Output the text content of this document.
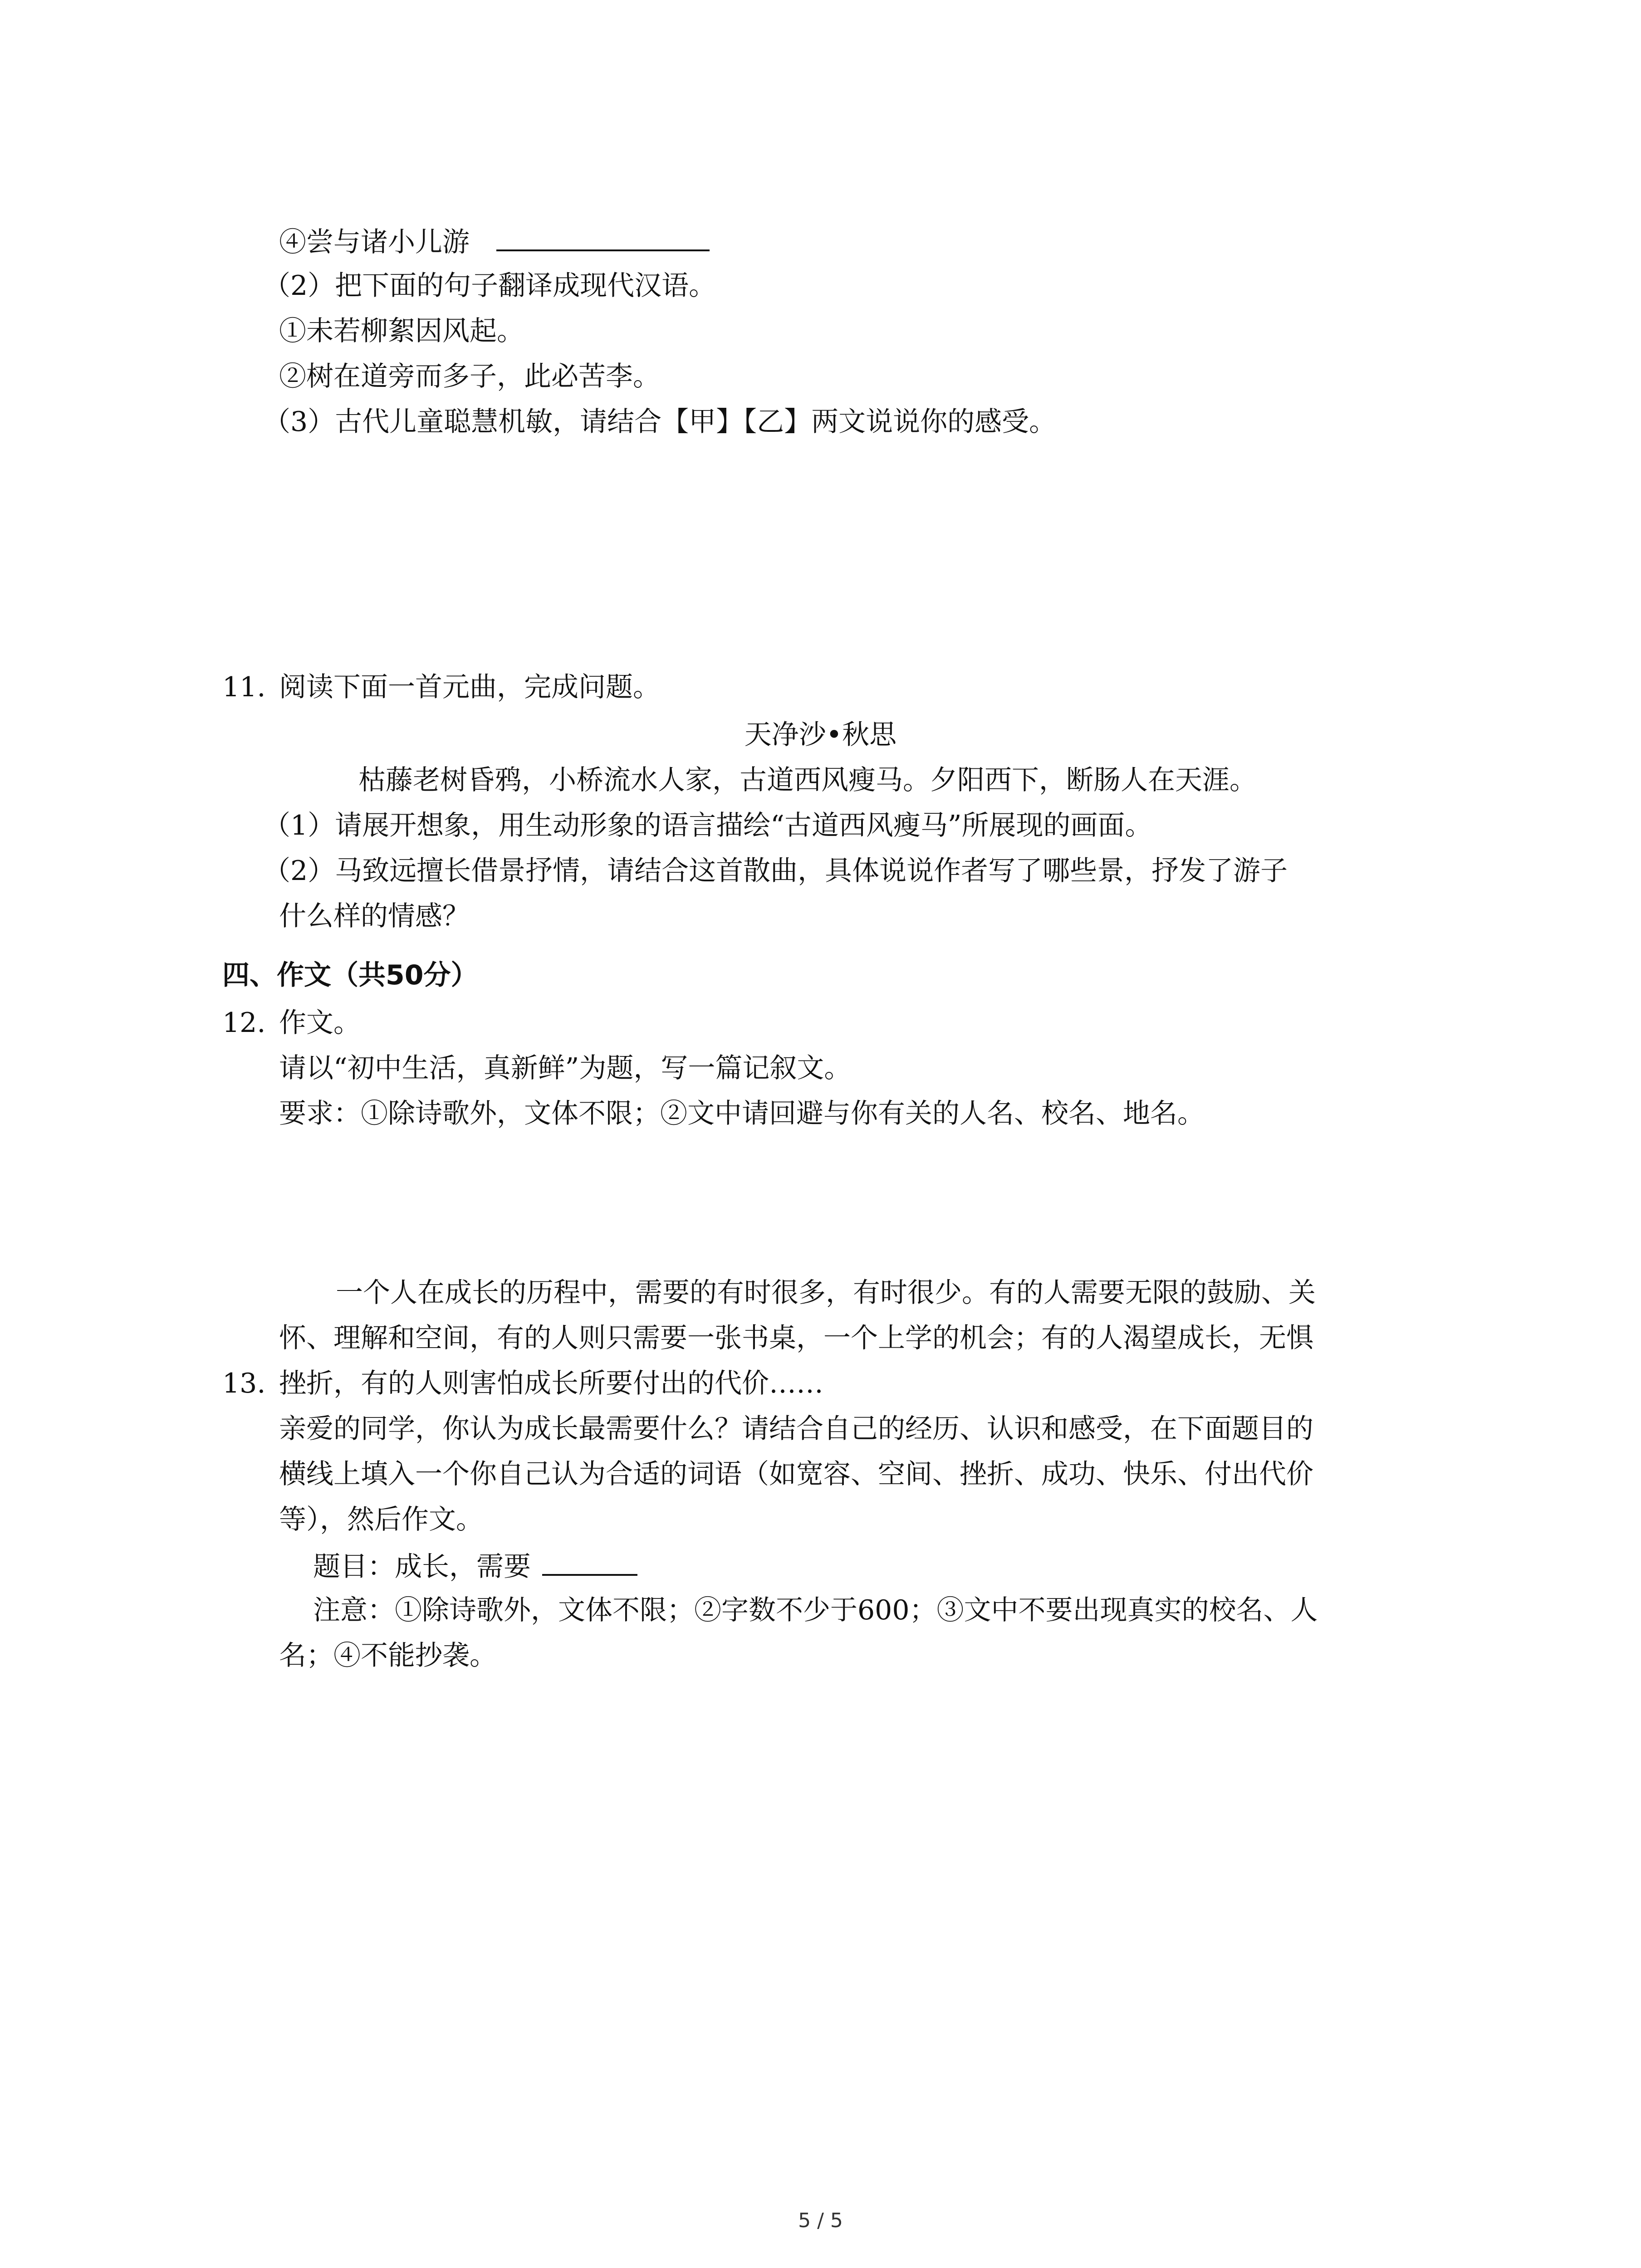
④尝与诸小儿游
（2）把下面的句子翻译成现代汉语。
①未若柳絮因风起。
②树在道旁而多子，此必苦李。
（3）古代儿童聪慧机敏，请结合【甲】【乙】两文说说你的感受。
11. 阅读下面一首元曲，完成问题。
天净沙•秋思
枯藤老树昏鸦，小桥流水人家，古道西风瘦马。夕阳西下，断肠人在天涯。
（1）请展开想象，用生动形象的语言描绘“古道西风瘦马”所展现的画面。
（2）马致远擅长借景抒情，请结合这首散曲，具体说说作者写了哪些景，抒发了游子
什么样的情感？
四、作文（共50分）
12. 作文。
请以“初中生活，真新鲜”为题，写一篇记叙文。
要求：①除诗歌外，文体不限；②文中请回避与你有关的人名、校名、地名。
一个人在成长的历程中，需要的有时很多，有时很少。有的人需要无限的鼓励、关
怀、理解和空间，有的人则只需要一张书桌，一个上学的机会；有的人渴望成长，无惧
13. 挫折，有的人则害怕成长所要付出的代价……
亲爱的同学，你认为成长最需要什么？请结合自己的经历、认识和感受，在下面题目的
横线上填入一个你自己认为合适的词语（如宽容、空间、挫折、成功、快乐、付出代价
等），然后作文。
题目：成长，需要
注意：①除诗歌外，文体不限；②字数不少于600；③文中不要出现真实的校名、人
名；④不能抄袭。
5 / 5
